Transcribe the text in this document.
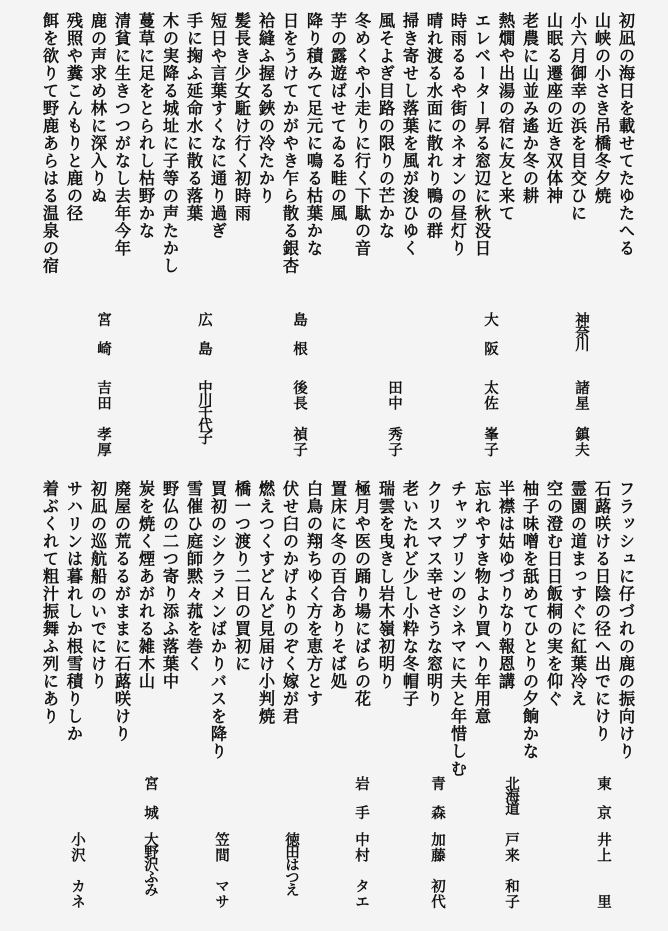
初凪の海日を載せてたゆたへる
山峡の小さき吊橋冬夕焼
小六月御幸の浜を目交ひに
山眠る遷座の近き双体神
老農に山並み遙か冬の耕
熱燗や出湯の宿に友と来て
エレベーター昇る窓辺に秋没日
時雨るるや街のネオンの昼灯り
晴れ渡る水面に散れり鴨の群
掃き寄せし落葉を風が浚ひゆく
風そよぎ目路の限りの芒かな
冬めくや小走りに行く下駄の音
芋の露遊ばせてゐる畦の風
降り積みて足元に鳴る枯葉かな
日をうけてかがやき乍ら散る銀杏
袷縫ふ握る鋏の冷たかり
髪長き少女駈け行く初時雨
短日や言葉すくなに通り過ぎ
手に掬ふ延命水に散る落葉
木の実降る城址に子等の声たかし
蔓草に足をとられし枯野かな
清貧に生きつつがなし去年今年
鹿の声求め林に深入りぬ
残照や糞こんもりと鹿の径
餌を欲りて野鹿あらはる温泉の宿
神奈川
諸星　鎮夫
大　阪
太佐　峯子
田中　秀子
島　根
後長　禎子
広　島
中川千代子
宮　崎
吉田　孝厚
フラッシュに仔づれの鹿の振向けり
石蕗咲ける日陰の径へ出でにけり
霊園の道まっすぐに紅葉冷え
空の澄む日日飯桐の実を仰ぐ
柚子味噌を舐めてひとりの夕餉かな
半襟は姑ゆづりなり報恩講
忘れやすき物より買へり年用意
チャップリンのシネマに夫と年惜しむ
クリスマス幸せさうな窓明り
老いたれど少し小粋な冬帽子
瑞雲を曳きし岩木嶺初明り
極月や医の踊り場にばらの花
置床に冬の百合ありそば処
白鳥の翔ちゆく方を恵方とす
伏せ臼のかげよりのぞく嫁が君
燃えつくすどんど見届け小判焼
橋一つ渡り二日の買初に
買初のシクラメンばかりバスを降り
雪催ひ庭師黙々菰を巻く
野仏の二つ寄り添ふ落葉中
炭を焼く煙あがれる雑木山
廃屋の荒るるがままに石蕗咲けり
初凪の巡航船のいでにけり
サハリンは暮れしか根雪積りしか
着ぶくれて粗汁振舞ふ列にあり
東　京
井上　　里
北海道
戸来　和子
青　森
加藤　初代
岩　手
中村　タエ
徳田はつえ
笠間　マサ
宮　城
大野沢ふみ
小沢　カネ
